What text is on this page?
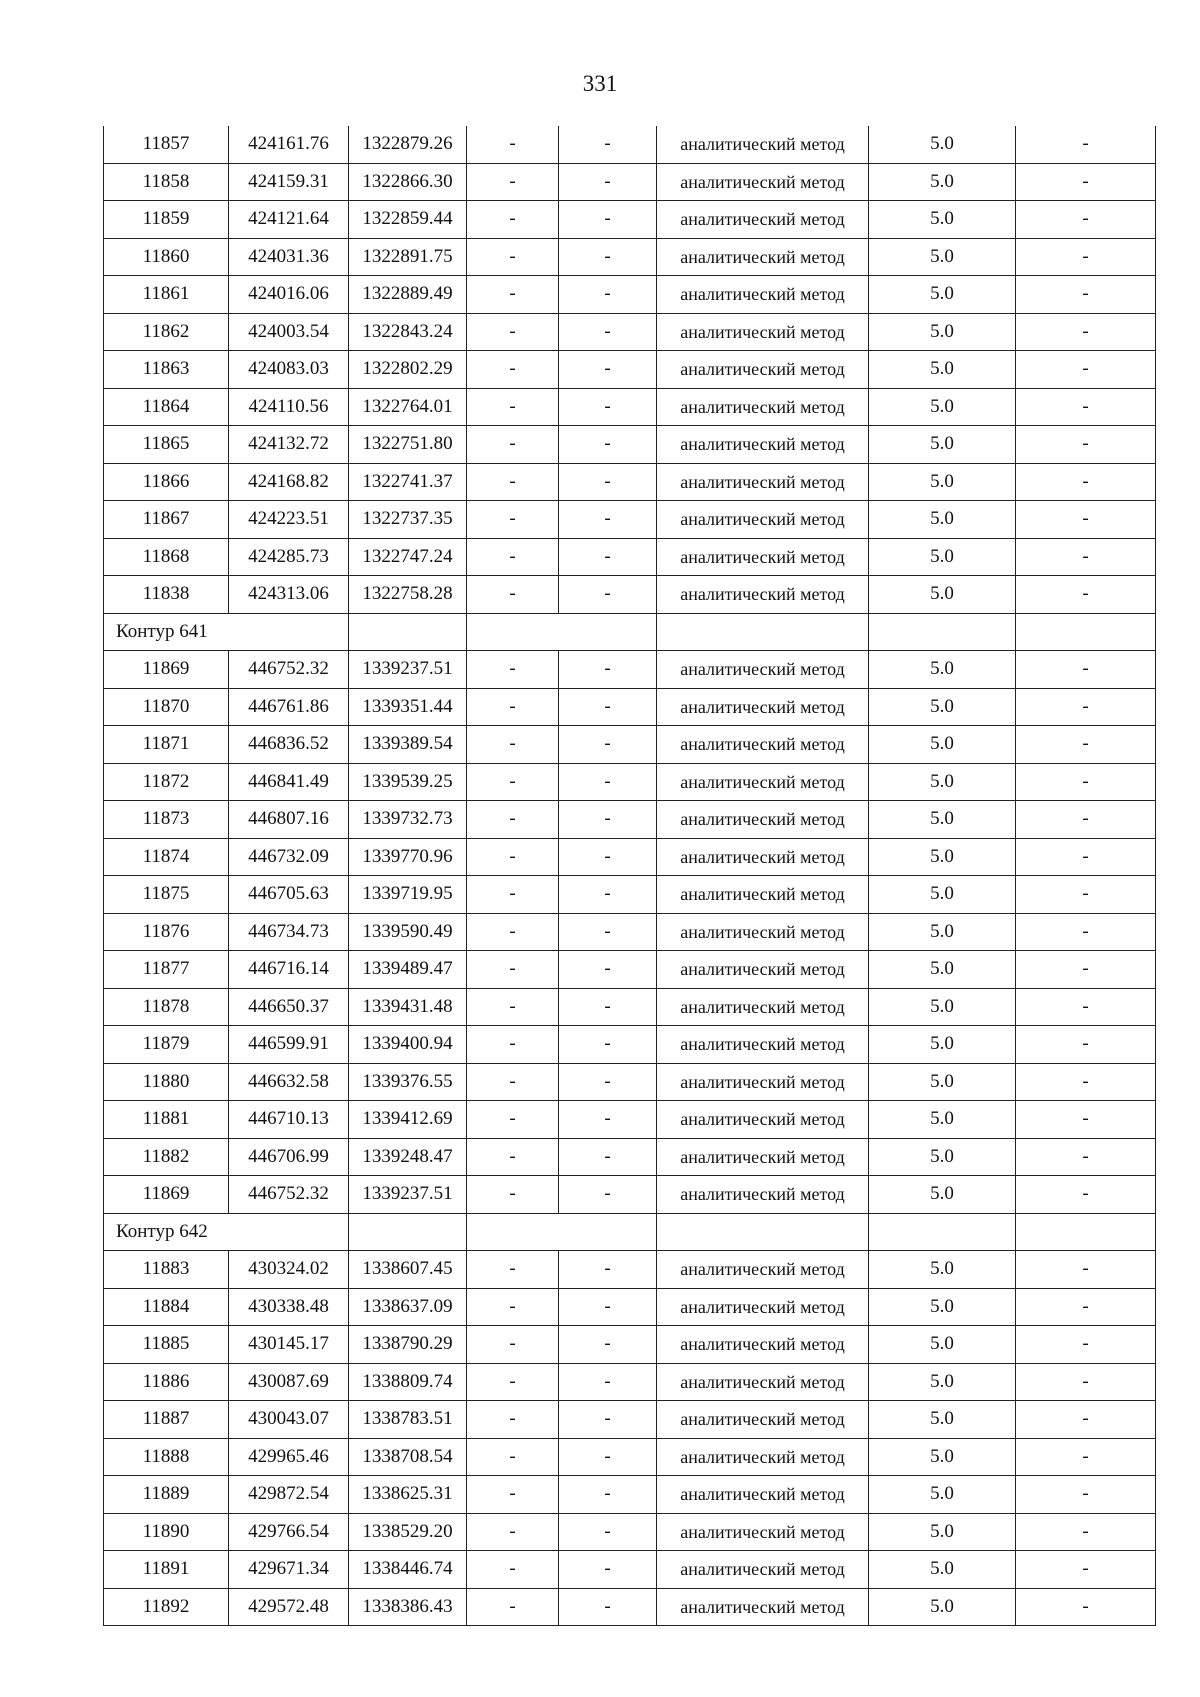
331
11857	424161.76	1322879.26	-	-	аналитический метод	5.0	-
11858	424159.31	1322866.30	-	-	аналитический метод	5.0	-
11859	424121.64	1322859.44	-	-	аналитический метод	5.0	-
11860	424031.36	1322891.75	-	-	аналитический метод	5.0	-
11861	424016.06	1322889.49	-	-	аналитический метод	5.0	-
11862	424003.54	1322843.24	-	-	аналитический метод	5.0	-
11863	424083.03	1322802.29	-	-	аналитический метод	5.0	-
11864	424110.56	1322764.01	-	-	аналитический метод	5.0	-
11865	424132.72	1322751.80	-	-	аналитический метод	5.0	-
11866	424168.82	1322741.37	-	-	аналитический метод	5.0	-
11867	424223.51	1322737.35	-	-	аналитический метод	5.0	-
11868	424285.73	1322747.24	-	-	аналитический метод	5.0	-
11838	424313.06	1322758.28	-	-	аналитический метод	5.0	-
Контур 641							
11869	446752.32	1339237.51	-	-	аналитический метод	5.0	-
11870	446761.86	1339351.44	-	-	аналитический метод	5.0	-
11871	446836.52	1339389.54	-	-	аналитический метод	5.0	-
11872	446841.49	1339539.25	-	-	аналитический метод	5.0	-
11873	446807.16	1339732.73	-	-	аналитический метод	5.0	-
11874	446732.09	1339770.96	-	-	аналитический метод	5.0	-
11875	446705.63	1339719.95	-	-	аналитический метод	5.0	-
11876	446734.73	1339590.49	-	-	аналитический метод	5.0	-
11877	446716.14	1339489.47	-	-	аналитический метод	5.0	-
11878	446650.37	1339431.48	-	-	аналитический метод	5.0	-
11879	446599.91	1339400.94	-	-	аналитический метод	5.0	-
11880	446632.58	1339376.55	-	-	аналитический метод	5.0	-
11881	446710.13	1339412.69	-	-	аналитический метод	5.0	-
11882	446706.99	1339248.47	-	-	аналитический метод	5.0	-
11869	446752.32	1339237.51	-	-	аналитический метод	5.0	-
Контур 642							
11883	430324.02	1338607.45	-	-	аналитический метод	5.0	-
11884	430338.48	1338637.09	-	-	аналитический метод	5.0	-
11885	430145.17	1338790.29	-	-	аналитический метод	5.0	-
11886	430087.69	1338809.74	-	-	аналитический метод	5.0	-
11887	430043.07	1338783.51	-	-	аналитический метод	5.0	-
11888	429965.46	1338708.54	-	-	аналитический метод	5.0	-
11889	429872.54	1338625.31	-	-	аналитический метод	5.0	-
11890	429766.54	1338529.20	-	-	аналитический метод	5.0	-
11891	429671.34	1338446.74	-	-	аналитический метод	5.0	-
11892	429572.48	1338386.43	-	-	аналитический метод	5.0	-
